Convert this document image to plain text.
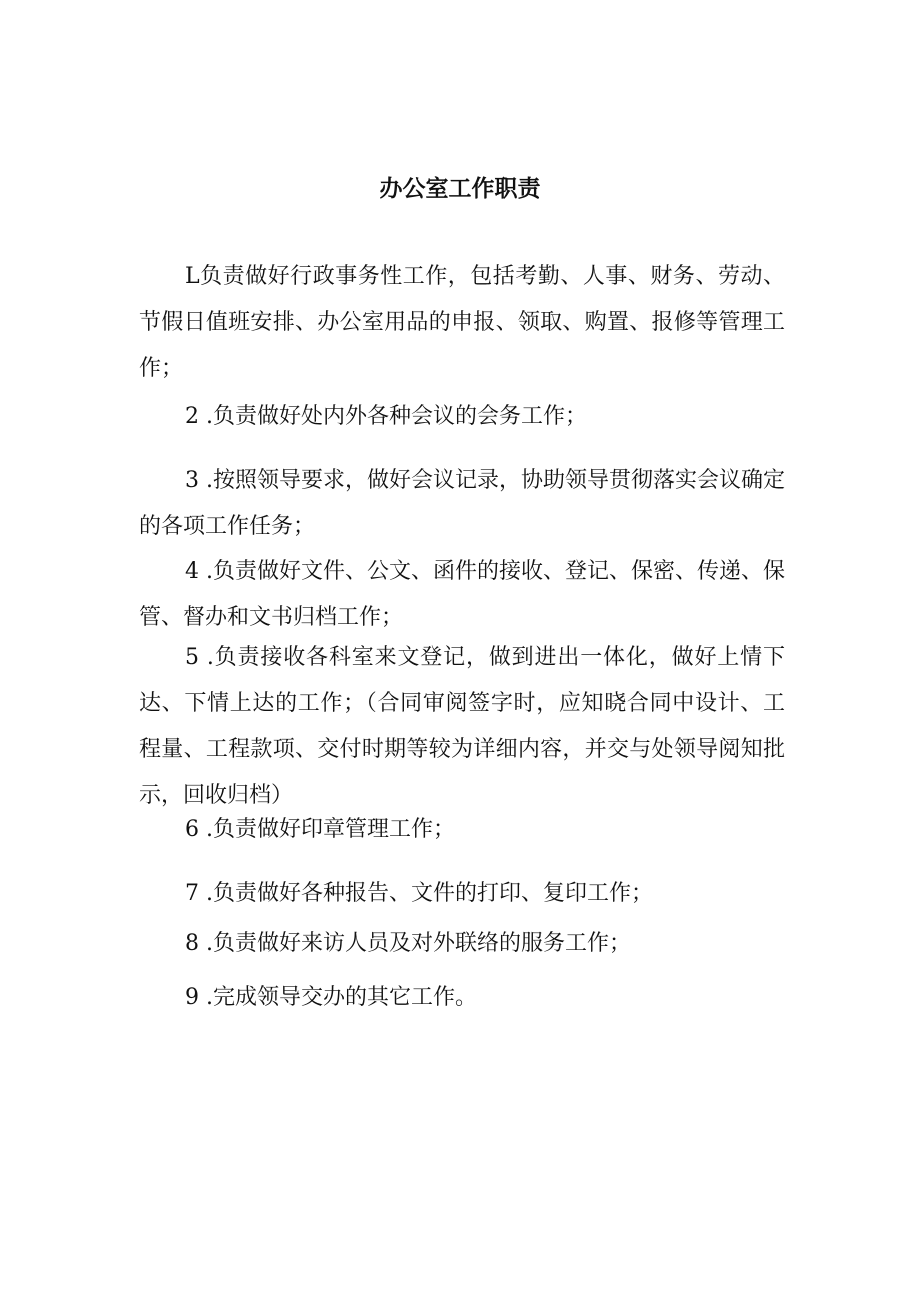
办公室工作职责
L负责做好行政事务性工作，包括考勤、人事、财务、劳动、节假日值班安排、办公室用品的申报、领取、购置、报修等管理工作；
2 .负责做好处内外各种会议的会务工作；
3 .按照领导要求，做好会议记录，协助领导贯彻落实会议确定的各项工作任务；
4 .负责做好文件、公文、函件的接收、登记、保密、传递、保管、督办和文书归档工作；
5 .负责接收各科室来文登记，做到进出一体化，做好上情下达、下情上达的工作；（合同审阅签字时，应知晓合同中设计、工程量、工程款项、交付时期等较为详细内容，并交与处领导阅知批示，回收归档）
6 .负责做好印章管理工作；
7 .负责做好各种报告、文件的打印、复印工作；
8 .负责做好来访人员及对外联络的服务工作；
9 .完成领导交办的其它工作。
